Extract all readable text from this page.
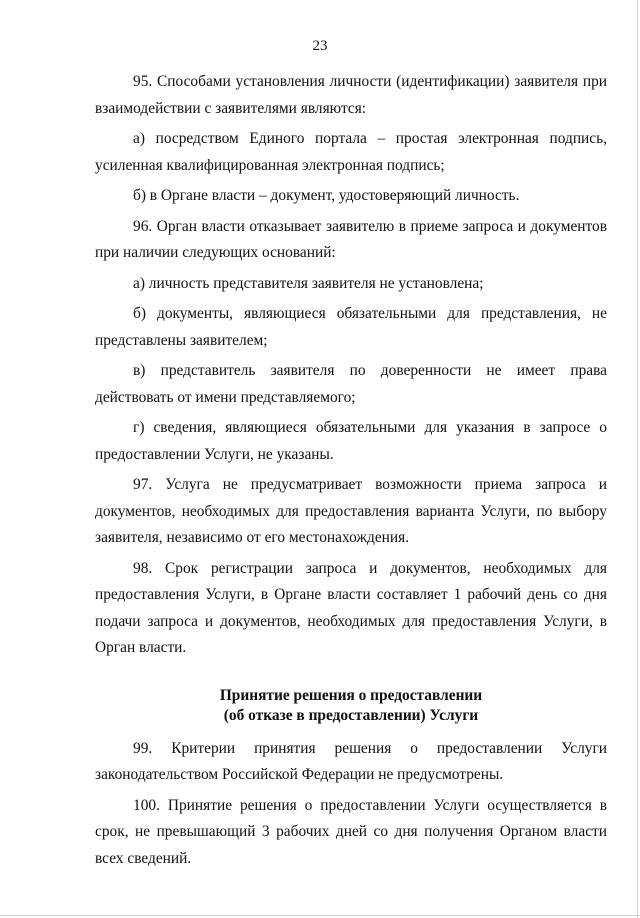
23

95. Способами установления личности (идентификации) заявителя при взаимодействии с заявителями являются:

а) посредством Единого портала – простая электронная подпись, усиленная квалифицированная электронная подпись;

б) в Органе власти – документ, удостоверяющий личность.

96. Орган власти отказывает заявителю в приеме запроса и документов при наличии следующих оснований:

а) личность представителя заявителя не установлена;

б) документы, являющиеся обязательными для представления, не представлены заявителем;

в) представитель заявителя по доверенности не имеет права действовать от имени представляемого;

г) сведения, являющиеся обязательными для указания в запросе о предоставлении Услуги, не указаны.

97. Услуга не предусматривает возможности приема запроса и документов, необходимых для предоставления варианта Услуги, по выбору заявителя, независимо от его местонахождения.

98. Срок регистрации запроса и документов, необходимых для предоставления Услуги, в Органе власти составляет 1 рабочий день со дня подачи запроса и документов, необходимых для предоставления Услуги, в Орган власти.

Принятие решения о предоставлении
(об отказе в предоставлении) Услуги

99. Критерии принятия решения о предоставлении Услуги законодательством Российской Федерации не предусмотрены.

100. Принятие решения о предоставлении Услуги осуществляется в срок, не превышающий 3 рабочих дней со дня получения Органом власти всех сведений.
